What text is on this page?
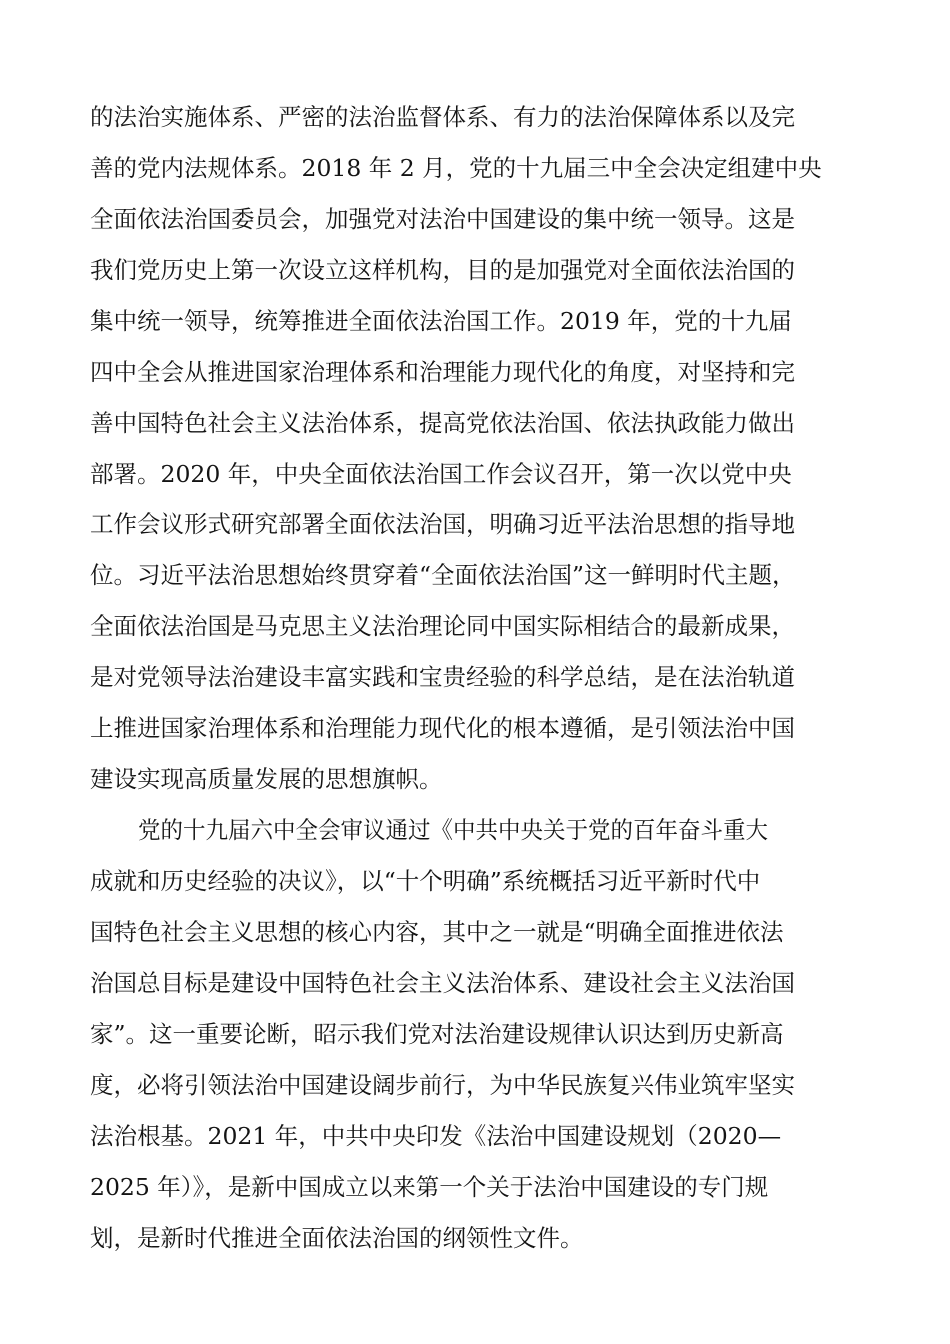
的法治实施体系、严密的法治监督体系、有力的法治保障体系以及完
善的党内法规体系。2018 年 2 月，党的十九届三中全会决定组建中央
全面依法治国委员会，加强党对法治中国建设的集中统一领导。这是
我们党历史上第一次设立这样机构，目的是加强党对全面依法治国的
集中统一领导，统筹推进全面依法治国工作。2019 年，党的十九届
四中全会从推进国家治理体系和治理能力现代化的角度，对坚持和完
善中国特色社会主义法治体系，提高党依法治国、依法执政能力做出
部署。2020 年，中央全面依法治国工作会议召开，第一次以党中央
工作会议形式研究部署全面依法治国，明确习近平法治思想的指导地
位。习近平法治思想始终贯穿着“全面依法治国”这一鲜明时代主题，
全面依法治国是马克思主义法治理论同中国实际相结合的最新成果，
是对党领导法治建设丰富实践和宝贵经验的科学总结，是在法治轨道
上推进国家治理体系和治理能力现代化的根本遵循，是引领法治中国
建设实现高质量发展的思想旗帜。
党的十九届六中全会审议通过《中共中央关于党的百年奋斗重大
成就和历史经验的决议》，以“十个明确”系统概括习近平新时代中
国特色社会主义思想的核心内容，其中之一就是“明确全面推进依法
治国总目标是建设中国特色社会主义法治体系、建设社会主义法治国
家”。这一重要论断，昭示我们党对法治建设规律认识达到历史新高
度，必将引领法治中国建设阔步前行，为中华民族复兴伟业筑牢坚实
法治根基。2021 年，中共中央印发《法治中国建设规划（2020—
2025 年）》，是新中国成立以来第一个关于法治中国建设的专门规
划，是新时代推进全面依法治国的纲领性文件。
